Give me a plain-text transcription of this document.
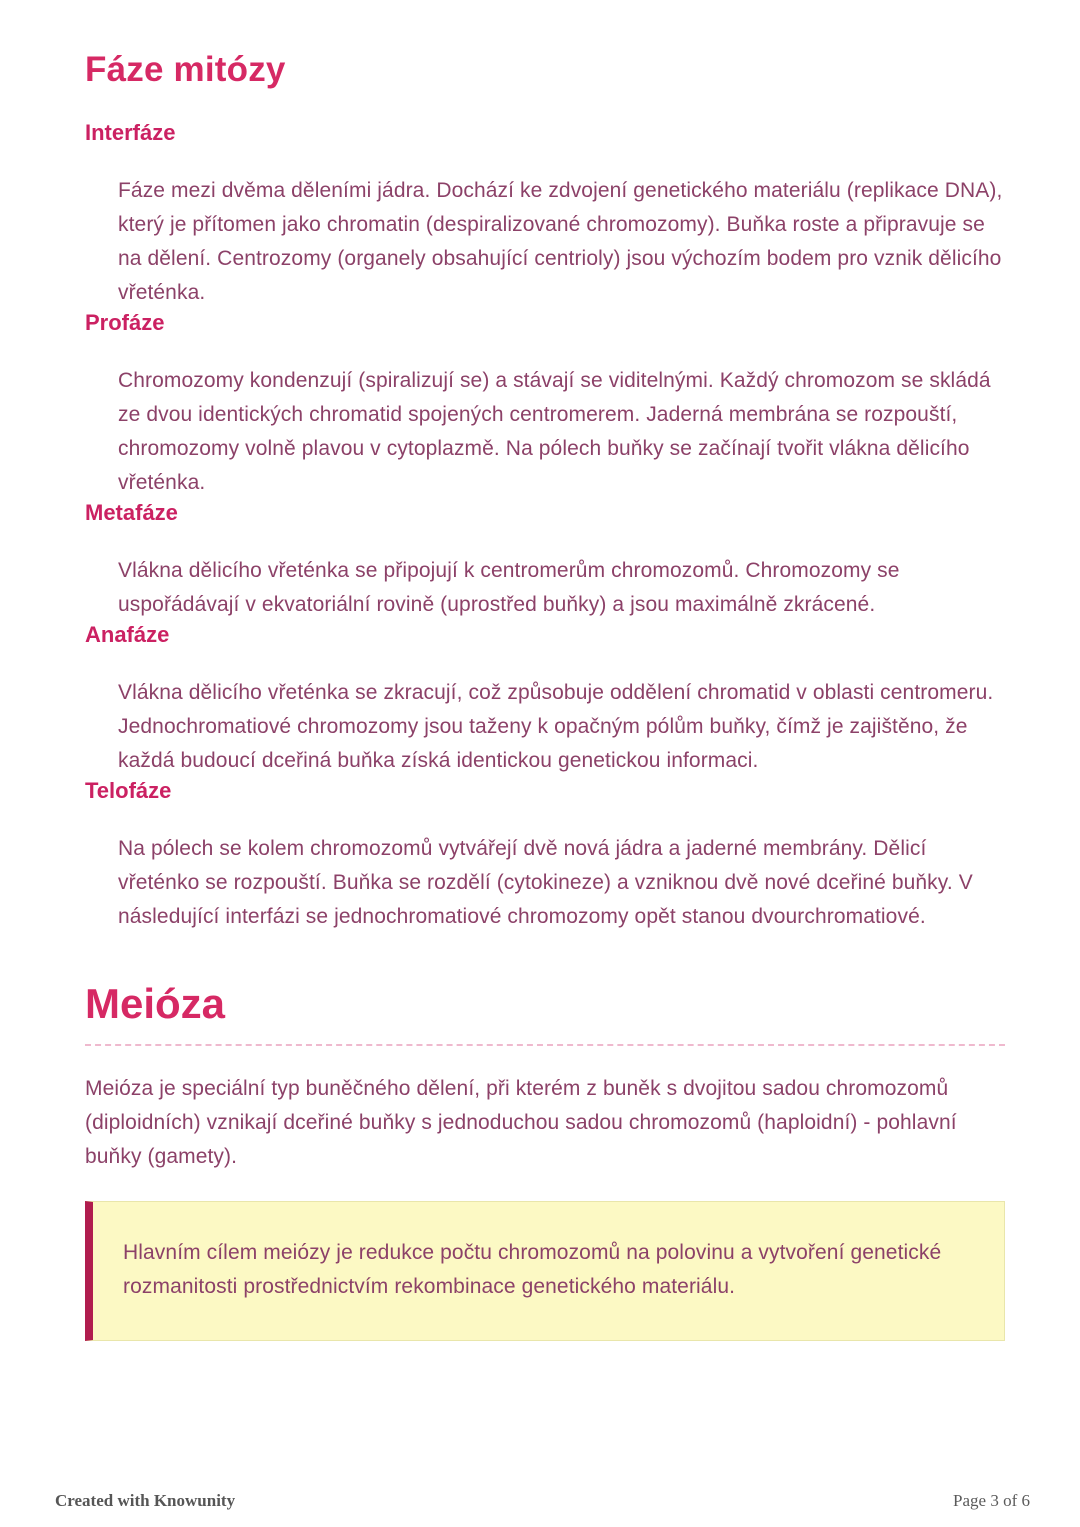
Fáze mitózy
Interfáze

Fáze mezi dvěma děleními jádra. Dochází ke zdvojení genetického materiálu (replikace DNA), který je přítomen jako chromatin (despiralizované chromozomy). Buňka roste a připravuje se na dělení. Centrozomy (organely obsahující centrioly) jsou výchozím bodem pro vznik dělicího vřeténka.

Profáze

Chromozomy kondenzují (spiralizují se) a stávají se viditelnými. Každý chromozom se skládá ze dvou identických chromatid spojených centromerem. Jaderná membrána se rozpouští, chromozomy volně plavou v cytoplazmě. Na pólech buňky se začínají tvořit vlákna dělicího vřeténka.

Metafáze

Vlákna dělicího vřeténka se připojují k centromerům chromozomů. Chromozomy se uspořádávají v ekvatoriální rovině (uprostřed buňky) a jsou maximálně zkrácené.

Anafáze

Vlákna dělicího vřeténka se zkracují, což způsobuje oddělení chromatid v oblasti centromeru. Jednochromatiové chromozomy jsou taženy k opačným pólům buňky, čímž je zajištěno, že každá budoucí dceřiná buňka získá identickou genetickou informaci.

Telofáze

Na pólech se kolem chromozomů vytvářejí dvě nová jádra a jaderné membrány. Dělicí vřeténko se rozpouští. Buňka se rozdělí (cytokineze) a vzniknou dvě nové dceřiné buňky. V následující interfázi se jednochromatiové chromozomy opět stanou dvourchromatiové.

Meióza

Meióza je speciální typ buněčného dělení, při kterém z buněk s dvojitou sadou chromozomů (diploidních) vznikají dceřiné buňky s jednoduchou sadou chromozomů (haploidní) - pohlavní buňky (gamety).

Hlavním cílem meiózy je redukce počtu chromozomů na polovinu a vytvoření genetické rozmanitosti prostřednictvím rekombinace genetického materiálu.

Created with Knowunity	Page 3 of 6
